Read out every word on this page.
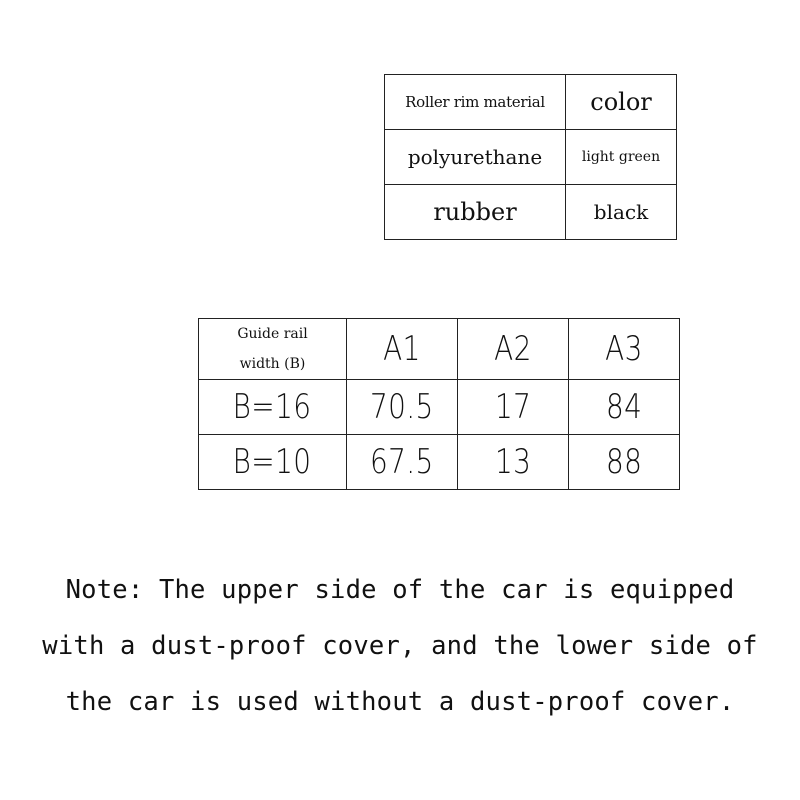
Roller rim material	color
polyurethane	light green
rubber	black
Guide rail
width (B)	A1	A2	A3
B=16	70.5	17	84
B=10	67.5	13	88
Note: The upper side of the car is equipped
with a dust-proof cover, and the lower side of
the car is used without a dust-proof cover.
